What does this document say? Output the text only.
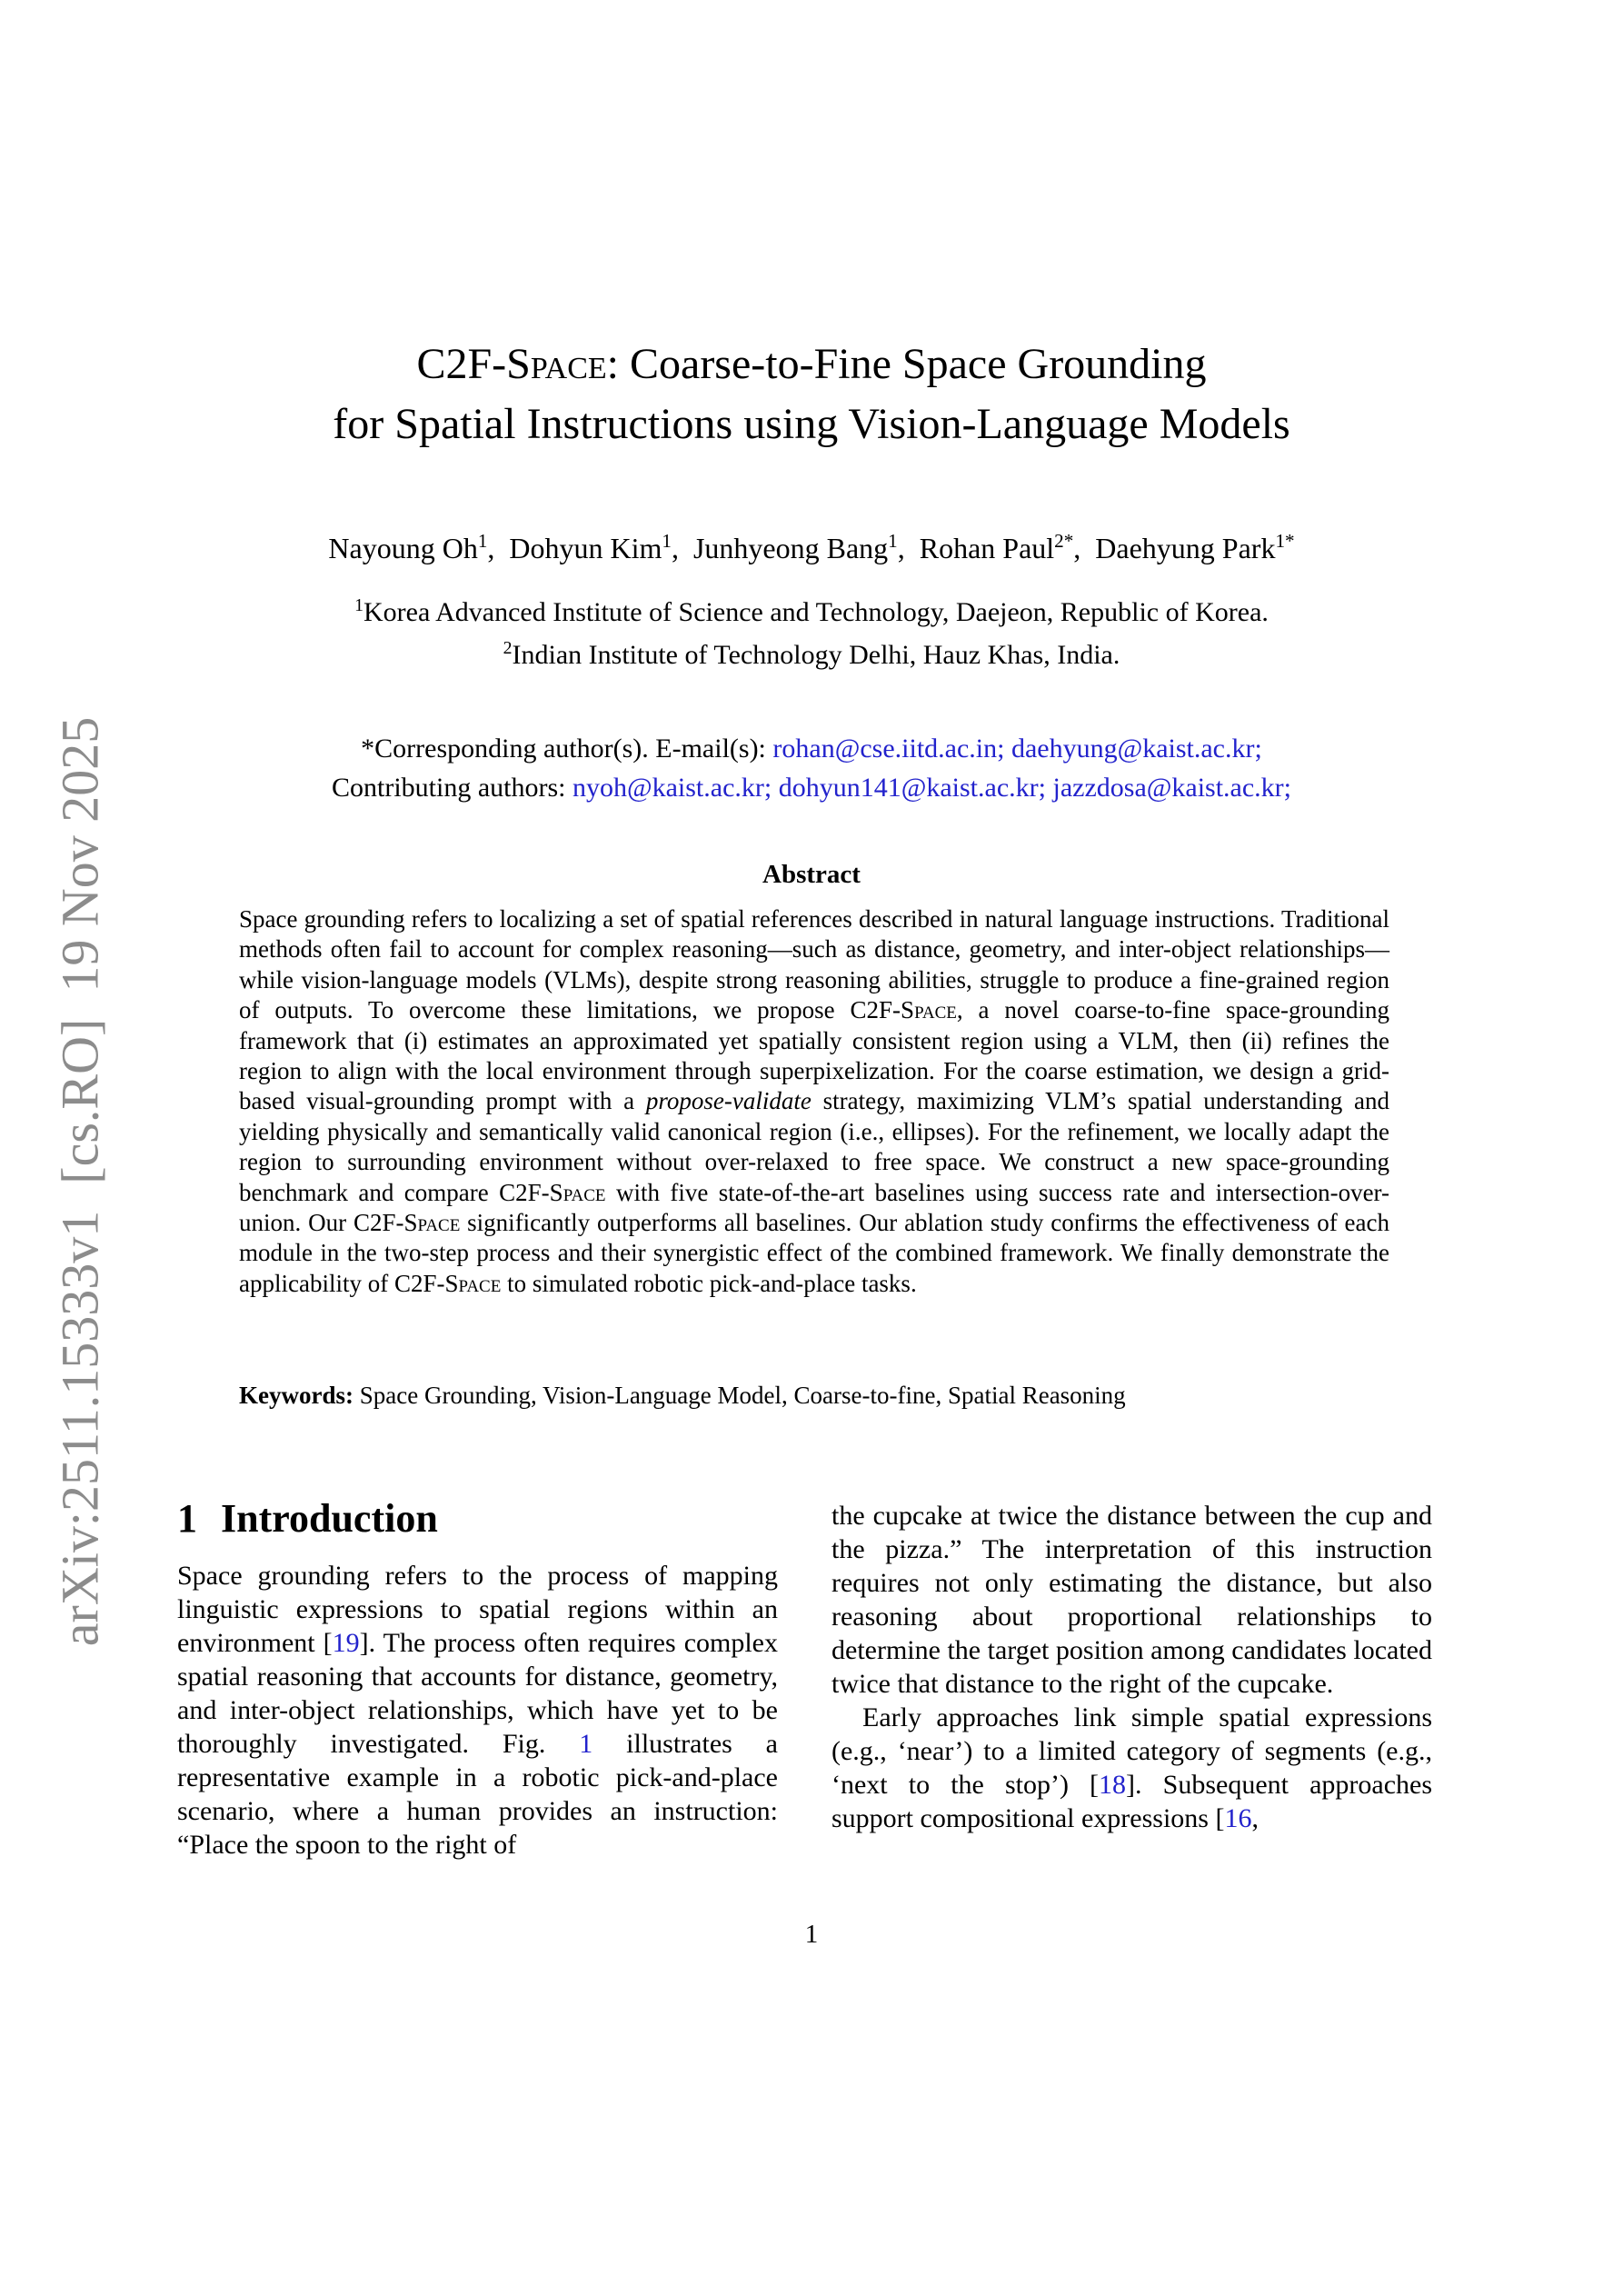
arXiv:2511.15333v1  [cs.RO]  19 Nov 2025
C2F-Space: Coarse-to-Fine Space Grounding
for Spatial Instructions using Vision-Language Models
Nayoung Oh$^1$,  Dohyun Kim$^1$,  Junhyeong Bang$^1$,  Rohan Paul$^{2*}$,  Daehyung Park$^{1*}$
$^1$Korea Advanced Institute of Science and Technology, Daejeon, Republic of Korea.
$^2$Indian Institute of Technology Delhi, Hauz Khas, India.
*Corresponding author(s). E-mail(s): rohan@cse.iitd.ac.in; daehyung@kaist.ac.kr;
Contributing authors: nyoh@kaist.ac.kr; dohyun141@kaist.ac.kr; jazzdosa@kaist.ac.kr;
Abstract
Space grounding refers to localizing a set of spatial references described in natural language instructions. Traditional methods often fail to account for complex reasoning—such as distance, geometry, and inter-object relationships—while vision-language models (VLMs), despite strong reasoning abilities, struggle to produce a fine-grained region of outputs. To overcome these limitations, we propose C2F-Space, a novel coarse-to-fine space-grounding framework that (i) estimates an approximated yet spatially consistent region using a VLM, then (ii) refines the region to align with the local environment through superpixelization. For the coarse estimation, we design a grid-based visual-grounding prompt with a propose-validate strategy, maximizing VLM’s spatial understanding and yielding physically and semantically valid canonical region (i.e., ellipses). For the refinement, we locally adapt the region to surrounding environment without over-relaxed to free space. We construct a new space-grounding benchmark and compare C2F-Space with five state-of-the-art baselines using success rate and intersection-over-union. Our C2F-Space significantly outperforms all baselines. Our ablation study confirms the effectiveness of each module in the two-step process and their synergistic effect of the combined framework. We finally demonstrate the applicability of C2F-Space to simulated robotic pick-and-place tasks.
Keywords: Space Grounding, Vision-Language Model, Coarse-to-fine, Spatial Reasoning
1 Introduction

Space grounding refers to the process of mapping linguistic expressions to spatial regions within an environment [19]. The process often requires complex spatial reasoning that accounts for distance, geometry, and inter-object relationships, which have yet to be thoroughly investigated. Fig. 1 illustrates a representative example in a robotic pick-and-place scenario, where a human provides an instruction: “Place the spoon to the right of

the cupcake at twice the distance between the cup and the pizza.” The interpretation of this instruction requires not only estimating the distance, but also reasoning about proportional relationships to determine the target position among candidates located twice that distance to the right of the cupcake.

Early approaches link simple spatial expressions (e.g., ‘near’) to a limited category of segments (e.g., ‘next to the stop’) [18]. Subsequent approaches support compositional expressions [16,

1
